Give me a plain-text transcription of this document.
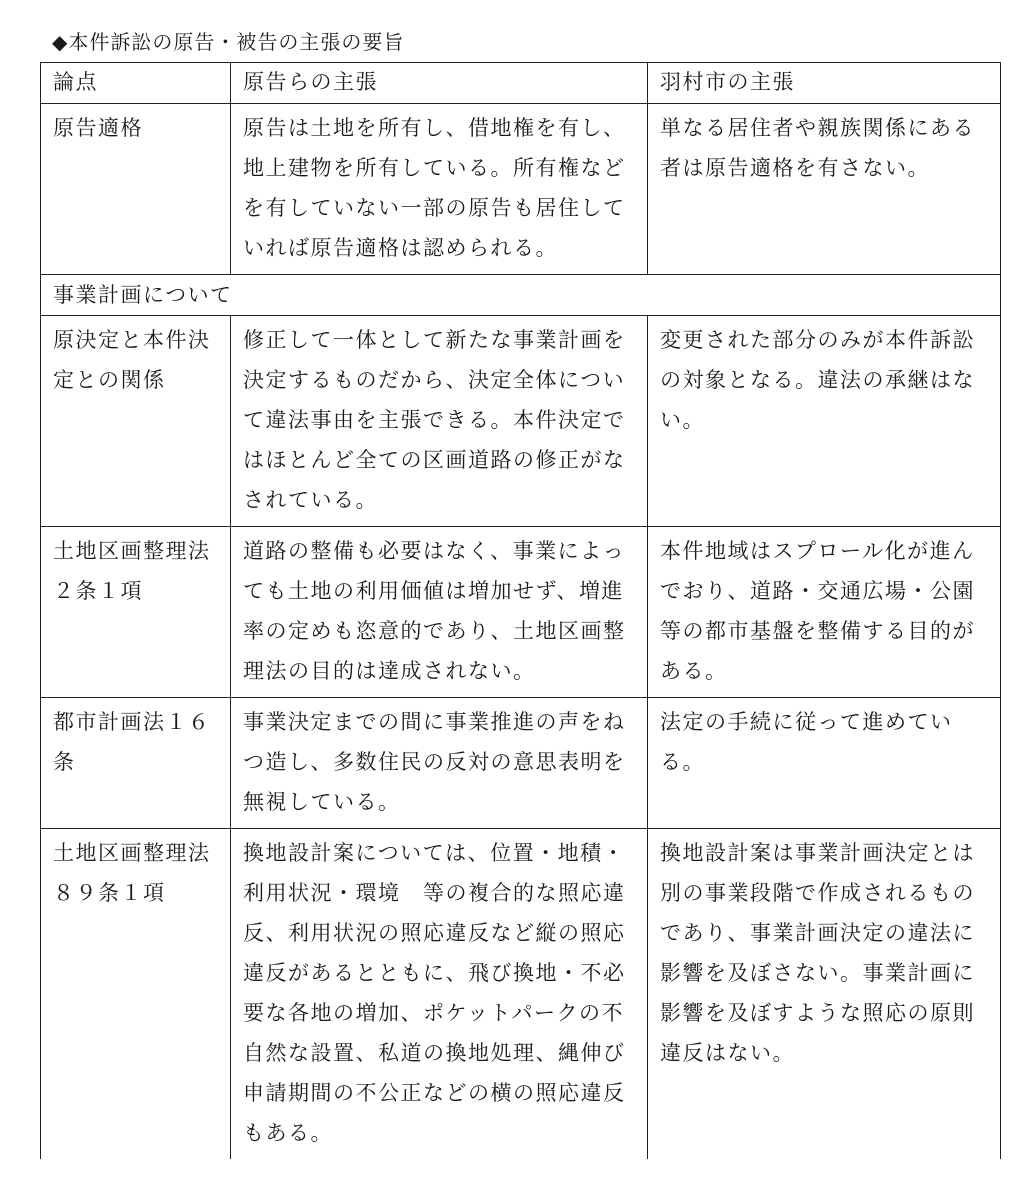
◆本件訴訟の原告・被告の主張の要旨
論点	原告らの主張	羽村市の主張
原告適格	原告は土地を所有し、借地権を有し、地上建物を所有している。所有権などを有していない一部の原告も居住していれば原告適格は認められる。	単なる居住者や親族関係にある者は原告適格を有さない。
事業計画について		
原決定と本件決定との関係	修正して一体として新たな事業計画を決定するものだから、決定全体について違法事由を主張できる。本件決定ではほとんど全ての区画道路の修正がなされている。	変更された部分のみが本件訴訟の対象となる。違法の承継はない。
土地区画整理法２条１項	道路の整備も必要はなく、事業によっても土地の利用価値は増加せず、増進率の定めも恣意的であり、土地区画整理法の目的は達成されない。	本件地域はスプロール化が進んでおり、道路・交通広場・公園等の都市基盤を整備する目的がある。
都市計画法１６条	事業決定までの間に事業推進の声をねつ造し、多数住民の反対の意思表明を無視している。	法定の手続に従って進めている。
土地区画整理法８９条１項	換地設計案については、位置・地積・利用状況・環境　等の複合的な照応違反、利用状況の照応違反など縦の照応違反があるとともに、飛び換地・不必要な各地の増加、ポケットパークの不自然な設置、私道の換地処理、縄伸び申請期間の不公正などの横の照応違反もある。	換地設計案は事業計画決定とは別の事業段階で作成されるものであり、事業計画決定の違法に影響を及ぼさない。事業計画に影響を及ぼすような照応の原則違反はない。
